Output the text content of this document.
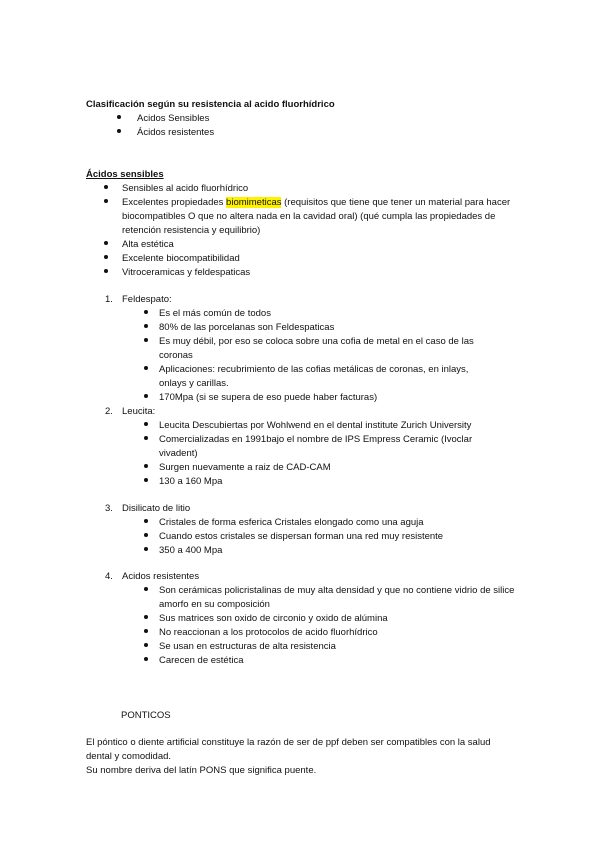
Clasificación según su resistencia al acido fluorhídrico
Acidos Sensibles
Ácidos resistentes
Ácidos sensibles
Sensibles al acido fluorhídrico
Excelentes propiedades biomimeticas (requisitos que tiene que tener un material para hacer biocompatibles O que no altera nada en la cavidad oral) (qué cumpla las propiedades de retención resistencia y equilibrio)
Alta estética
Excelente biocompatibilidad
Vitroceramicas y feldespaticas
1. Feldespato:
Es el más común de todos
80% de las porcelanas son Feldespaticas
Es muy débil, por eso se coloca sobre una cofia de metal en el caso de las coronas
Aplicaciones: recubrimiento de las cofias metálicas de coronas, en inlays, onlays y carillas.
170Mpa (si se supera de eso puede haber facturas)
2. Leucita:
Leucita Descubiertas por Wohlwend en el dental institute Zurich University
Comercializadas en 1991bajo el nombre de IPS Empress Ceramic (Ivoclar vivadent)
Surgen nuevamente a raiz de CAD-CAM
130 a 160 Mpa
3. Disilicato de litio
Cristales de forma esferica Cristales elongado como una aguja
Cuando estos cristales se dispersan forman una red muy resistente
350 a 400 Mpa
4. Acidos resistentes
Son cerámicas policristalinas de muy alta densidad y que no contiene vidrio de silice amorfo en su composición
Sus matrices son oxido de circonio y oxido de alúmina
No reaccionan a los protocolos de acido fluorhídrico
Se usan en estructuras de alta resistencia
Carecen de estética
PONTICOS
El póntico o diente artificial constituye la razón de ser de ppf deben ser compatibles con la salud dental y comodidad.
Su nombre deriva del latín PONS que significa puente.
